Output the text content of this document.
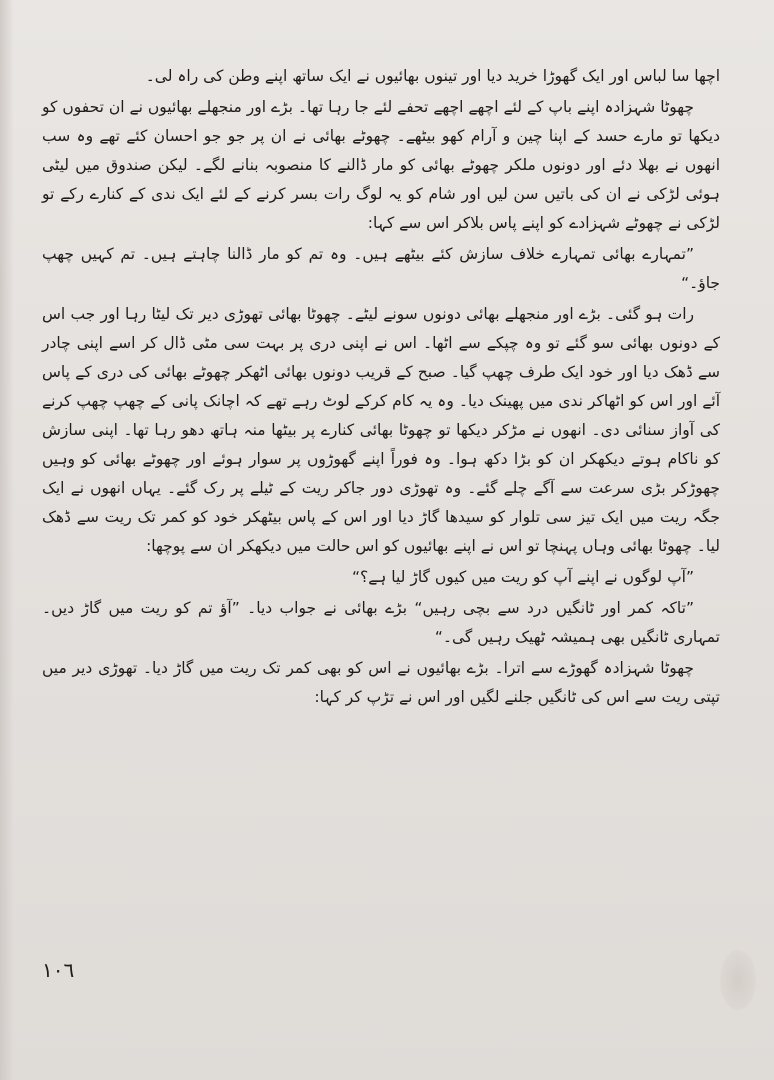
اچھا سا لباس اور ایک گھوڑا خرید دیا اور تینوں بھائیوں نے ایک ساتھ اپنے وطن کی راہ لی۔

چھوٹا شہزادہ اپنے باپ کے لئے اچھے اچھے تحفے لئے جا رہا تھا۔ بڑے اور منجھلے بھائیوں نے ان تحفوں کو دیکھا تو مارے حسد کے اپنا چین و آرام کھو بیٹھے۔ چھوٹے بھائی نے ان پر جو جو احسان کئے تھے وہ سب انھوں نے بھلا دئے اور دونوں ملکر چھوٹے بھائی کو مار ڈالنے کا منصوبہ بنانے لگے۔ لیکن صندوق میں لیٹی ہوئی لڑکی نے ان کی باتیں سن لیں اور شام کو یہ لوگ رات بسر کرنے کے لئے ایک ندی کے کنارے رکے تو لڑکی نے چھوٹے شہزادے کو اپنے پاس بلاکر اس سے کہا:

”تمہارے بھائی تمہارے خلاف سازش کئے بیٹھے ہیں۔ وہ تم کو مار ڈالنا چاہتے ہیں۔ تم کہیں چھپ جاؤ۔“

رات ہو گئی۔ بڑے اور منجھلے بھائی دونوں سونے لیٹے۔ چھوٹا بھائی تھوڑی دیر تک لیٹا رہا اور جب اس کے دونوں بھائی سو گئے تو وہ چپکے سے اٹھا۔ اس نے اپنی دری پر بہت سی مٹی ڈال کر اسے اپنی چادر سے ڈھک دیا اور خود ایک طرف چھپ گیا۔ صبح کے قریب دونوں بھائی اٹھکر چھوٹے بھائی کی دری کے پاس آئے اور اس کو اٹھاکر ندی میں پھینک دیا۔ وہ یہ کام کرکے لوٹ رہے تھے کہ اچانک پانی کے چھپ چھپ کرنے کی آواز سنائی دی۔ انھوں نے مڑکر دیکھا تو چھوٹا بھائی کنارے پر بیٹھا منہ ہاتھ دھو رہا تھا۔ اپنی سازش کو ناکام ہوتے دیکھکر ان کو بڑا دکھ ہوا۔ وہ فوراً اپنے گھوڑوں پر سوار ہوئے اور چھوٹے بھائی کو وہیں چھوڑکر بڑی سرعت سے آگے چلے گئے۔ وہ تھوڑی دور جاکر ریت کے ٹیلے پر رک گئے۔ یہاں انھوں نے ایک جگہ ریت میں ایک تیز سی تلوار کو سیدھا گاڑ دیا اور اس کے پاس بیٹھکر خود کو کمر تک ریت سے ڈھک لیا۔ چھوٹا بھائی وہاں پہنچا تو اس نے اپنے بھائیوں کو اس حالت میں دیکھکر ان سے پوچھا:

”آپ لوگوں نے اپنے آپ کو ریت میں کیوں گاڑ لیا ہے؟“

”تاکہ کمر اور ٹانگیں درد سے بچی رہیں“ بڑے بھائی نے جواب دیا۔ ”آؤ تم کو ریت میں گاڑ دیں۔ تمہاری ٹانگیں بھی ہمیشہ ٹھیک رہیں گی۔“

چھوٹا شہزادہ گھوڑے سے اترا۔ بڑے بھائیوں نے اس کو بھی کمر تک ریت میں گاڑ دیا۔ تھوڑی دیر میں تپتی ریت سے اس کی ٹانگیں جلنے لگیں اور اس نے تڑپ کر کہا:

١٠٦
